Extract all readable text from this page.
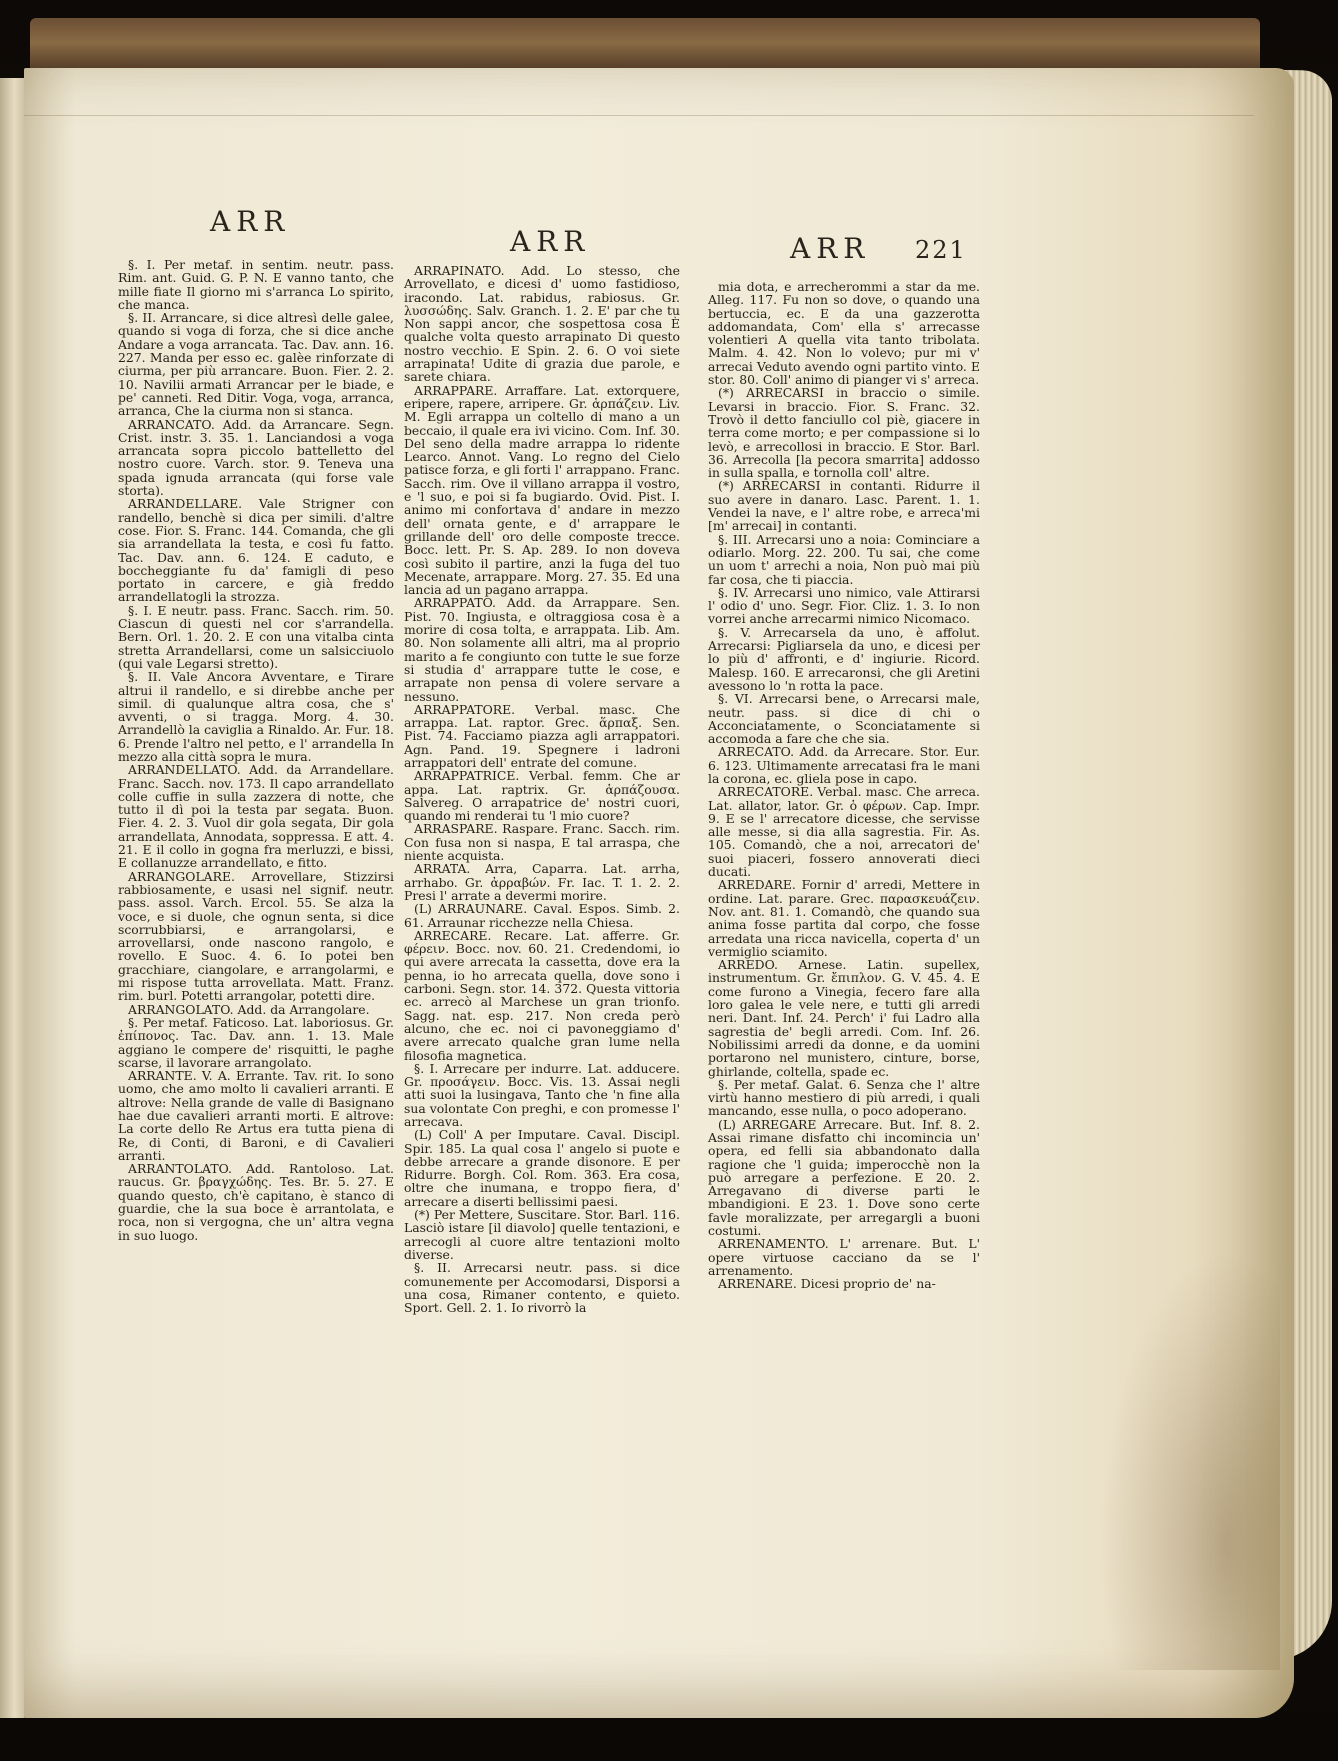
ARR
ARR	ARR 221

§. I. Per metaf. in sentim. neutr. pass. Rim. ant. Guid. G. P. N. E vanno tanto, che mille fiate Il giorno mi s'arranca Lo spirito, che manca.

§. II. Arrancare, si dice altresì delle galee, quando si voga di forza, che si dice anche Andare a voga arrancata. Tac. Dav. ann. 16. 227. Manda per esso ec. galèe rinforzate di ciurma, per più arrancare. Buon. Fier. 2. 2. 10. Navilii armati Arrancar per le biade, e pe' canneti. Red Ditir. Voga, voga, arranca, arranca, Che la ciurma non si stanca.

ARRANCATO. Add. da Arrancare. Segn. Crist. instr. 3. 35. 1. Lanciandosi a voga arrancata sopra piccolo battelletto del nostro cuore. Varch. stor. 9. Teneva una spada ignuda arrancata (qui forse vale storta).

ARRANDELLARE. Vale Strigner con randello, benchè si dica per simili. d'altre cose. Fior. S. Franc. 144. Comanda, che gli sia arrandellata la testa, e così fu fatto. Tac. Dav. ann. 6. 124. E caduto, e boccheggiante fu da' famigli di peso portato in carcere, e già freddo arrandellatogli la strozza.

§. I. E neutr. pass. Franc. Sacch. rim. 50. Ciascun di questi nel cor s'arrandella. Bern. Orl. 1. 20. 2. E con una vitalba cinta stretta Arrandellarsi, come un salsicciuolo (qui vale Legarsi stretto).

§. II. Vale Ancora Avventare, e Tirare altrui il randello, e si direbbe anche per simil. di qualunque altra cosa, che s' avventi, o si tragga. Morg. 4. 30. Arrandellò la caviglia a Rinaldo. Ar. Fur. 18. 6. Prende l'altro nel petto, e l' arrandella In mezzo alla città sopra le mura.

ARRANDELLATO. Add. da Arrandellare. Franc. Sacch. nov. 173. Il capo arrandellato colle cuffie in sulla zazzera di notte, che tutto il dì poi la testa par segata. Buon. Fier. 4. 2. 3. Vuol dir gola segata, Dir gola arrandellata, Annodata, soppressa. E att. 4. 21. E il collo in gogna fra merluzzi, e bissi, E collanuzze arrandellato, e fitto.

ARRANGOLARE. Arrovellare, Stizzirsi rabbiosamente, e usasi nel signif. neutr. pass. assol. Varch. Ercol. 55. Se alza la voce, e si duole, che ognun senta, si dice scorrubbiarsi, e arrangolarsi, e arrovellarsi, onde nascono rangolo, e rovello. E Suoc. 4. 6. Io potei ben gracchiare, ciangolare, e arrangolarmi, e mi rispose tutta arrovellata. Matt. Franz. rim. burl. Potetti arrangolar, potetti dire.

ARRANGOLATO. Add. da Arrangolare.

§. Per metaf. Faticoso. Lat. laboriosus. Gr. ἐπίπονος. Tac. Dav. ann. 1. 13. Male aggiano le compere de' risquitti, le paghe scarse, il lavorare arrangolato.

ARRANTE. V. A. Errante. Tav. rit. Io sono uomo, che amo molto li cavalieri arranti. E altrove: Nella grande de valle di Basignano hae due cavalieri arranti morti. E altrove: La corte dello Re Artus era tutta piena di Re, di Conti, di Baroni, e di Cavalieri arranti.

ARRANTOLATO. Add. Rantoloso. Lat. raucus. Gr. βραγχώδης. Tes. Br. 5. 27. E quando questo, ch'è capitano, è stanco di guardie, che la sua boce è arrantolata, e roca, non si vergogna, che un' altra vegna in suo luogo.

ARRAPINATO. Add. Lo stesso, che Arrovellato, e dicesi d' uomo fastidioso, iracondo. Lat. rabidus, rabiosus. Gr. λυσσώδης. Salv. Granch. 1. 2. E' par che tu Non sappi ancor, che sospettosa cosa È qualche volta questo arrapinato Di questo nostro vecchio. E Spin. 2. 6. O voi siete arrapinata! Udite di grazia due parole, e sarete chiara.

ARRAPPARE. Arraffare. Lat. extorquere, eripere, rapere, arripere. Gr. ἁρπάζειν. Liv. M. Egli arrappa un coltello di mano a un beccaio, il quale era ivi vicino. Com. Inf. 30. Del seno della madre arrappa lo ridente Learco. Annot. Vang. Lo regno del Cielo patisce forza, e gli forti l' arrappano. Franc. Sacch. rim. Ove il villano arrappa il vostro, e 'l suo, e poi si fa bugiardo. Ovid. Pist. I. animo mi confortava d' andare in mezzo dell' ornata gente, e d' arrappare le grillande dell' oro delle composte trecce. Bocc. lett. Pr. S. Ap. 289. Io non doveva così subito il partire, anzi la fuga del tuo Mecenate, arrappare. Morg. 27. 35. Ed una lancia ad un pagano arrappa.

ARRAPPATO. Add. da Arrappare. Sen. Pist. 70. Ingiusta, e oltraggiosa cosa è a morire di cosa tolta, e arrappata. Lib. Am. 80. Non solamente alli altri, ma al proprio marito a fe congiunto con tutte le sue forze si studia d' arrappare tutte le cose, e arrapate non pensa di volere servare a nessuno.

ARRAPPATORE. Verbal. masc. Che arrappa. Lat. raptor. Grec. ἅρπαξ. Sen. Pist. 74. Facciamo piazza agli arrappatori. Agn. Pand. 19. Spegnere i ladroni arrappatori dell' entrate del comune.

ARRAPPATRICE. Verbal. femm. Che ar appa. Lat. raptrix. Gr. ἁρπάζουσα. Salvereg. O arrapatrice de' nostri cuori, quando mi renderai tu 'l mio cuore?

ARRASPARE. Raspare. Franc. Sacch. rim. Con fusa non si naspa, E tal arraspa, che niente acquista.

ARRATA. Arra, Caparra. Lat. arrha, arrhabo. Gr. ἀρραβών. Fr. Iac. T. 1. 2. 2. Presi l' arrate a devermi morire.

(L) ARRAUNARE. Caval. Espos. Simb. 2. 61. Arraunar ricchezze nella Chiesa.

ARRECARE. Recare. Lat. afferre. Gr. φέρειν. Bocc. nov. 60. 21. Credendomi, io qui avere arrecata la cassetta, dove era la penna, io ho arrecata quella, dove sono i carboni. Segn. stor. 14. 372. Questa vittoria ec. arrecò al Marchese un gran trionfo. Sagg. nat. esp. 217. Non creda però alcuno, che ec. noi ci pavoneggiamo d' avere arrecato qualche gran lume nella filosofia magnetica.

§. I. Arrecare per indurre. Lat. adducere. Gr. προσάγειν. Bocc. Vis. 13. Assai negli atti suoi la lusingava, Tanto che 'n fine alla sua volontate Con preghi, e con promesse l' arrecava.

(L) Coll' A per Imputare. Caval. Discipl. Spir. 185. La qual cosa l' angelo si puote e debbe arrecare a grande disonore. E per Ridurre. Borgh. Col. Rom. 363. Era cosa, oltre che inumana, e troppo fiera, d' arrecare a diserti bellissimi paesi.

(*) Per Mettere, Suscitare. Stor. Barl. 116. Lasciò istare [il diavolo] quelle tentazioni, e arrecogli al cuore altre tentazioni molto diverse.

§. II. Arrecarsi neutr. pass. si dice comunemente per Accomodarsi, Disporsi a una cosa, Rimaner contento, e quieto. Sport. Gell. 2. 1. Io rivorrò la

mia dota, e arrecherommi a star da me. Alleg. 117. Fu non so dove, o quando una bertuccia, ec. E da una gazzerotta addomandata, Com' ella s' arrecasse volentieri A quella vita tanto tribolata. Malm. 4. 42. Non lo volevo; pur mi v' arrecai Veduto avendo ogni partito vinto. E stor. 80. Coll' animo di pianger vi s' arreca.

(*) ARRECARSI in braccio o simile. Levarsi in braccio. Fior. S. Franc. 32. Trovò il detto fanciullo col piè, giacere in terra come morto; e per compassione si lo levò, e arrecollosi in braccio. E Stor. Barl. 36. Arrecolla [la pecora smarrita] addosso in sulla spalla, e tornolla coll' altre.

(*) ARRECARSI in contanti. Ridurre il suo avere in danaro. Lasc. Parent. 1. 1. Vendei la nave, e l' altre robe, e arreca'mi [m' arrecai] in contanti.

§. III. Arrecarsi uno a noia: Cominciare a odiarlo. Morg. 22. 200. Tu sai, che come un uom t' arrechi a noia, Non può mai più far cosa, che ti piaccia.

§. IV. Arrecarsi uno nimico, vale Attirarsi l' odio d' uno. Segr. Fior. Cliz. 1. 3. Io non vorrei anche arrecarmi nimico Nicomaco.

§. V. Arrecarsela da uno, è affolut. Arrecarsi: Pigliarsela da uno, e dicesi per lo più d' affronti, e d' ingiurie. Ricord. Malesp. 160. E arrecaronsi, che gli Aretini avessono lo 'n rotta la pace.

§. VI. Arrecarsi bene, o Arrecarsi male, neutr. pass. si dice di chi o Acconciatamente, o Sconciatamente si accomoda a fare che che sia.

ARRECATO. Add. da Arrecare. Stor. Eur. 6. 123. Ultimamente arrecatasi fra le mani la corona, ec. gliela pose in capo.

ARRECATORE. Verbal. masc. Che arreca. Lat. allator, lator. Gr. ὁ φέρων. Cap. Impr. 9. E se l' arrecatore dicesse, che servisse alle messe, si dia alla sagrestia. Fir. As. 105. Comandò, che a noi, arrecatori de' suoi piaceri, fossero annoverati dieci ducati.

ARREDARE. Fornir d' arredi, Mettere in ordine. Lat. parare. Grec. παρασκευάζειν. Nov. ant. 81. 1. Comandò, che quando sua anima fosse partita dal corpo, che fosse arredata una ricca navicella, coperta d' un vermiglio sciamito.

ARREDO. Arnese. Latin. supellex, instrumentum. Gr. ἔπιπλον. G. V. 45. 4. E come furono a Vinegia, fecero fare alla loro galea le vele nere, e tutti gli arredi neri. Dant. Inf. 24. Perch' i' fui Ladro alla sagrestia de' begli arredi. Com. Inf. 26. Nobilissimi arredi da donne, e da uomini portarono nel munistero, cinture, borse, ghirlande, coltella, spade ec.

§. Per metaf. Galat. 6. Senza che l' altre virtù hanno mestiero di più arredi, i quali mancando, esse nulla, o poco adoperano.

(L) ARREGARE Arrecare. But. Inf. 8. 2. Assai rimane disfatto chi incomincia un' opera, ed felli sia abbandonato dalla ragione che 'l guida; imperocchè non la può arregare a perfezione. E 20. 2. Arregavano di diverse parti le mbandigioni. E 23. 1. Dove sono certe favle moralizzate, per arregargli a buoni costumi.

ARRENAMENTO. L' arrenare. But. L' opere virtuose cacciano da se l' arrenamento.

ARRENARE. Dicesi proprio de' na-
